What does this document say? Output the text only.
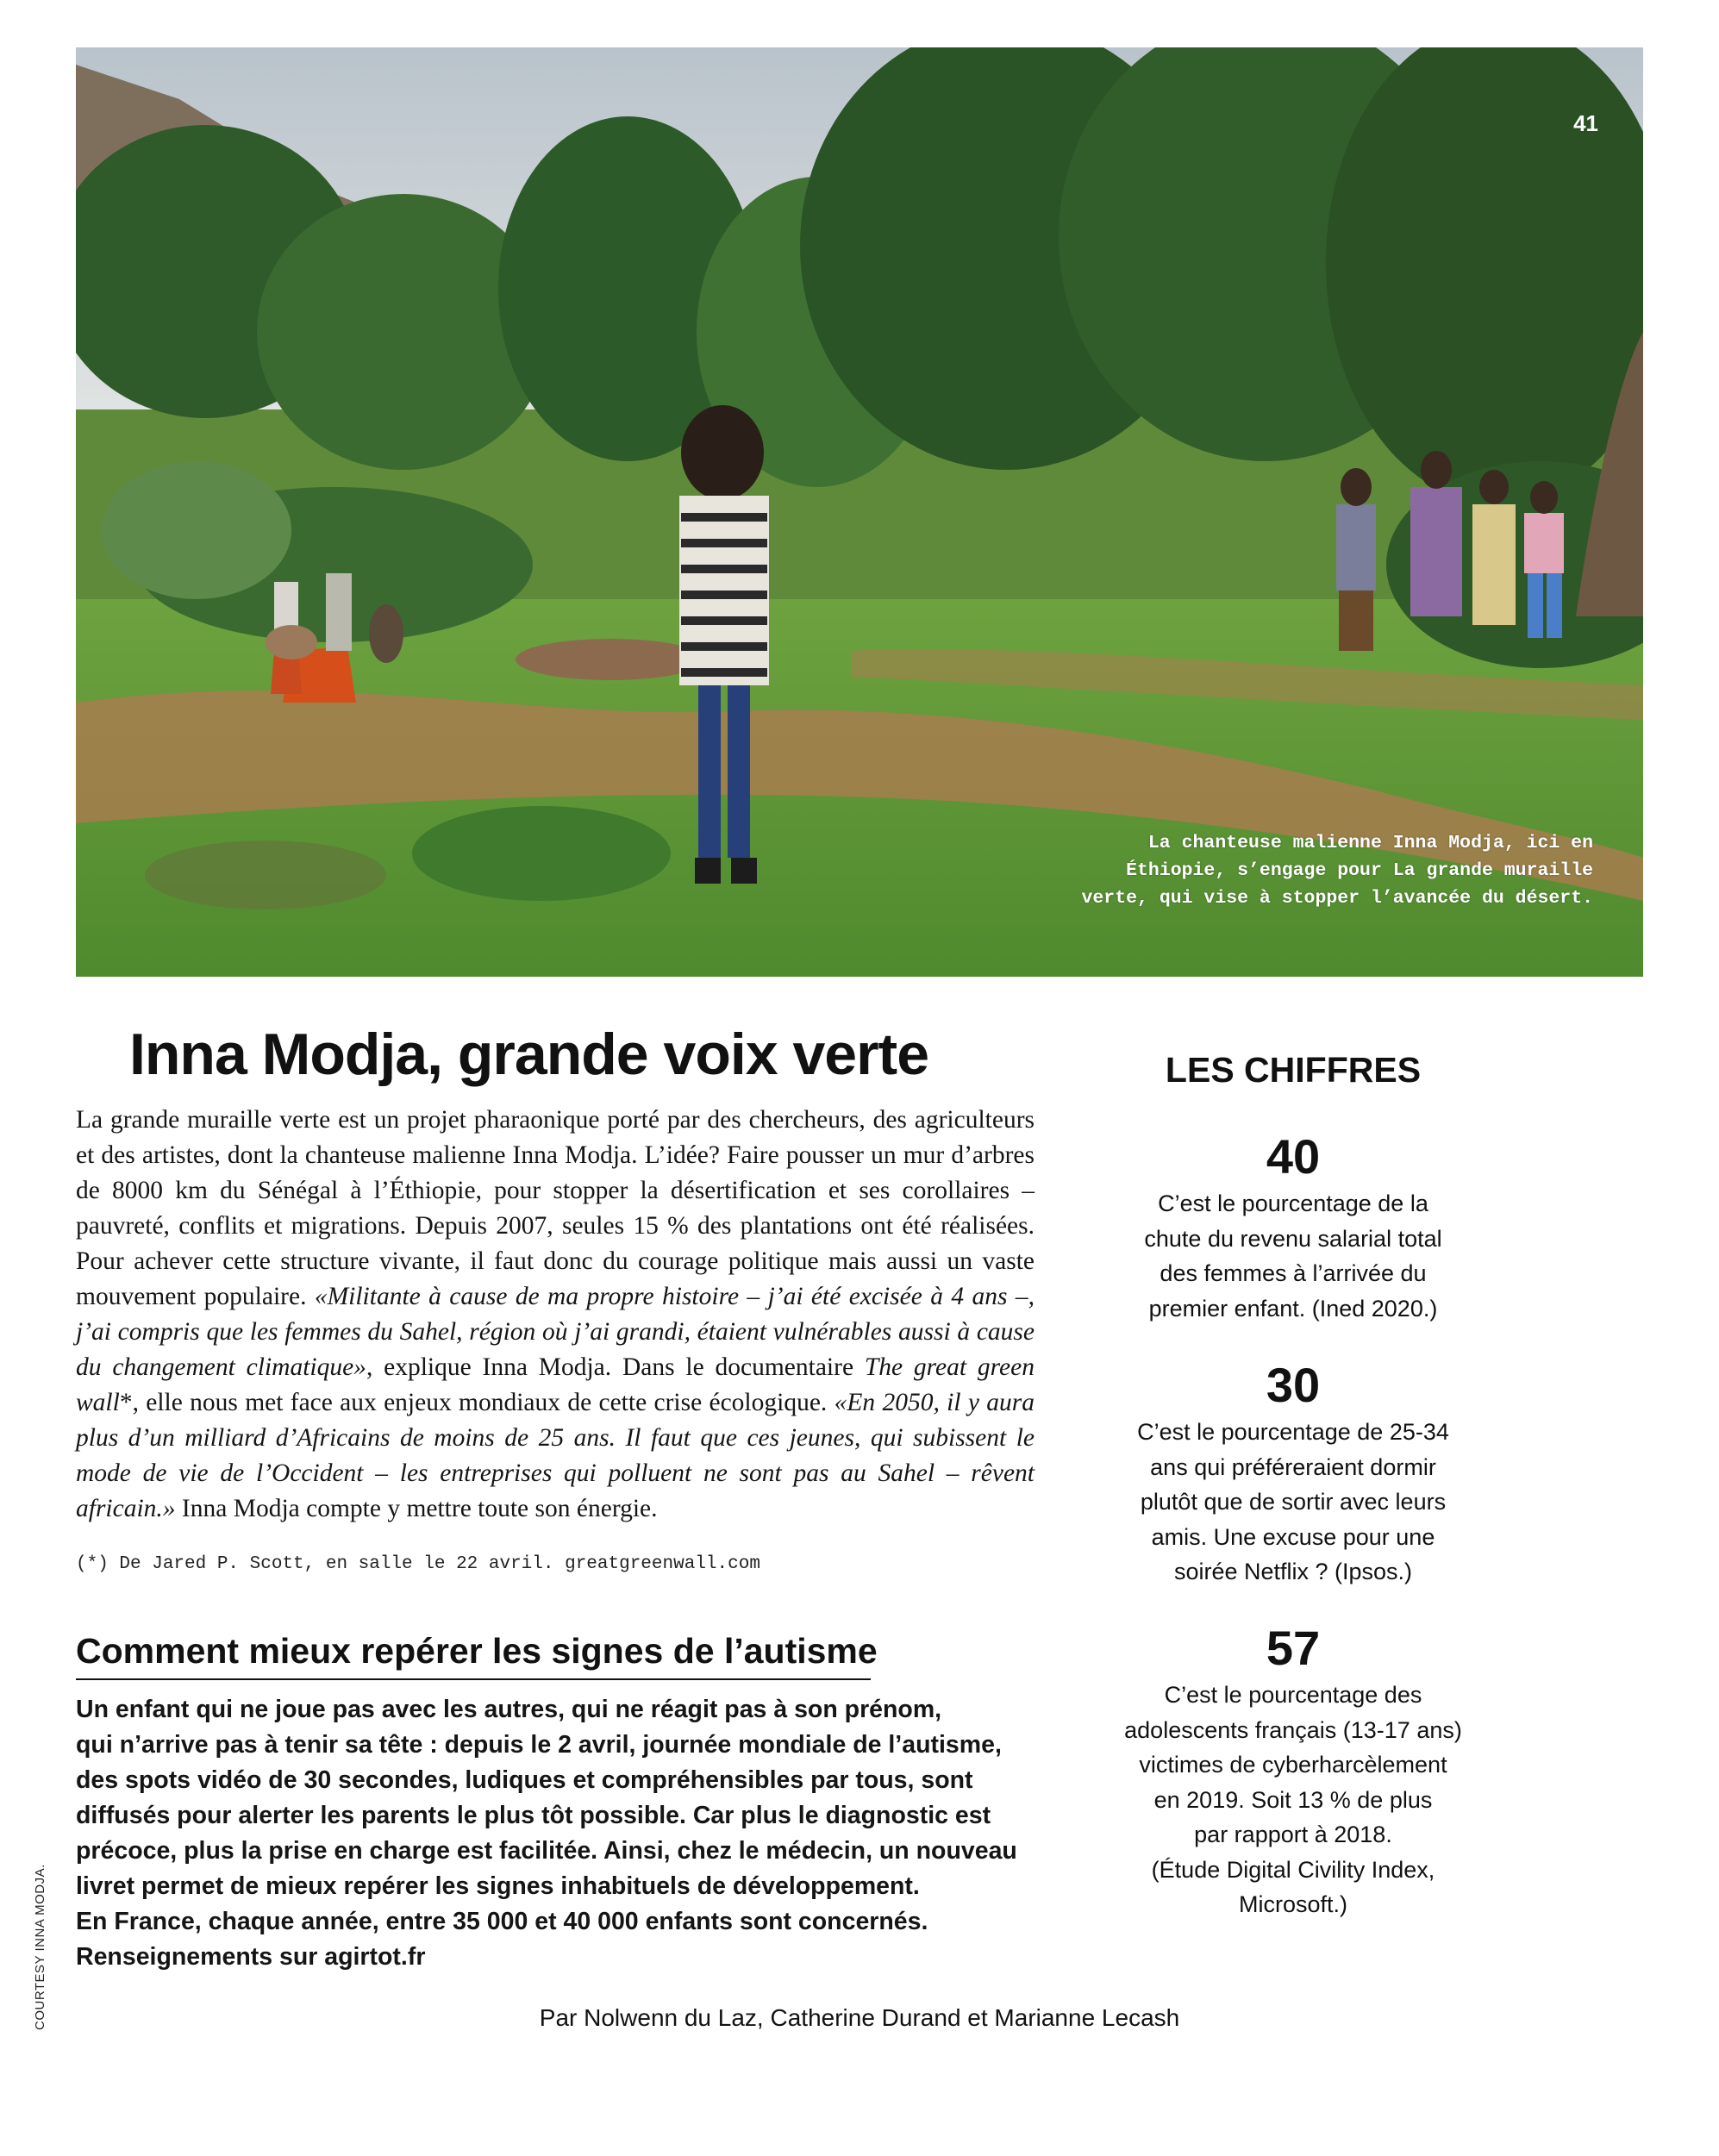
41
La chanteuse malienne Inna Modja, ici en
Éthiopie, s’engage pour La grande muraille
verte, qui vise à stopper l’avancée du désert.
Inna Modja, grande voix verte

La grande muraille verte est un projet pharaonique porté par des chercheurs, des agriculteurs et des artistes, dont la chanteuse malienne Inna Modja. L’idée? Faire pousser un mur d’arbres de 8000 km du Sénégal à l’Éthiopie, pour stopper la désertification et ses corollaires – pauvreté, conflits et migrations. Depuis 2007, seules 15 % des plantations ont été réalisées. Pour achever cette structure vivante, il faut donc du courage politique mais aussi un vaste mouvement populaire. «Militante à cause de ma propre histoire – j’ai été excisée à 4 ans –, j’ai compris que les femmes du Sahel, région où j’ai grandi, étaient vulnérables aussi à cause du changement climatique», explique Inna Modja. Dans le documentaire The great green wall*, elle nous met face aux enjeux mondiaux de cette crise écologique. «En 2050, il y aura plus d’un milliard d’Africains de moins de 25 ans. Il faut que ces jeunes, qui subissent le mode de vie de l’Occident – les entreprises qui polluent ne sont pas au Sahel – rêvent africain.» Inna Modja compte y mettre toute son énergie.

(*) De Jared P. Scott, en salle le 22 avril. greatgreenwall.com

Comment mieux repérer les signes de l’autisme
Un enfant qui ne joue pas avec les autres, qui ne réagit pas à son prénom,
qui n’arrive pas à tenir sa tête : depuis le 2 avril, journée mondiale de l’autisme,
des spots vidéo de 30 secondes, ludiques et compréhensibles par tous, sont
diffusés pour alerter les parents le plus tôt possible. Car plus le diagnostic est
précoce, plus la prise en charge est facilitée. Ainsi, chez le médecin, un nouveau
livret permet de mieux repérer les signes inhabituels de développement.
En France, chaque année, entre 35 000 et 40 000 enfants sont concernés.
Renseignements sur agirtot.fr
LES CHIFFRES
40
C’est le pourcentage de la
chute du revenu salarial total
des femmes à l’arrivée du
premier enfant. (Ined 2020.)
30
C’est le pourcentage de 25-34
ans qui préféreraient dormir
plutôt que de sortir avec leurs
amis. Une excuse pour une
soirée Netflix ? (Ipsos.)
57
C’est le pourcentage des
adolescents français (13-17 ans)
victimes de cyberharcèlement
en 2019. Soit 13 % de plus
par rapport à 2018.
(Étude Digital Civility Index,
Microsoft.)
Par Nolwenn du Laz, Catherine Durand et Marianne Lecash
COURTESY INNA MODJA.
